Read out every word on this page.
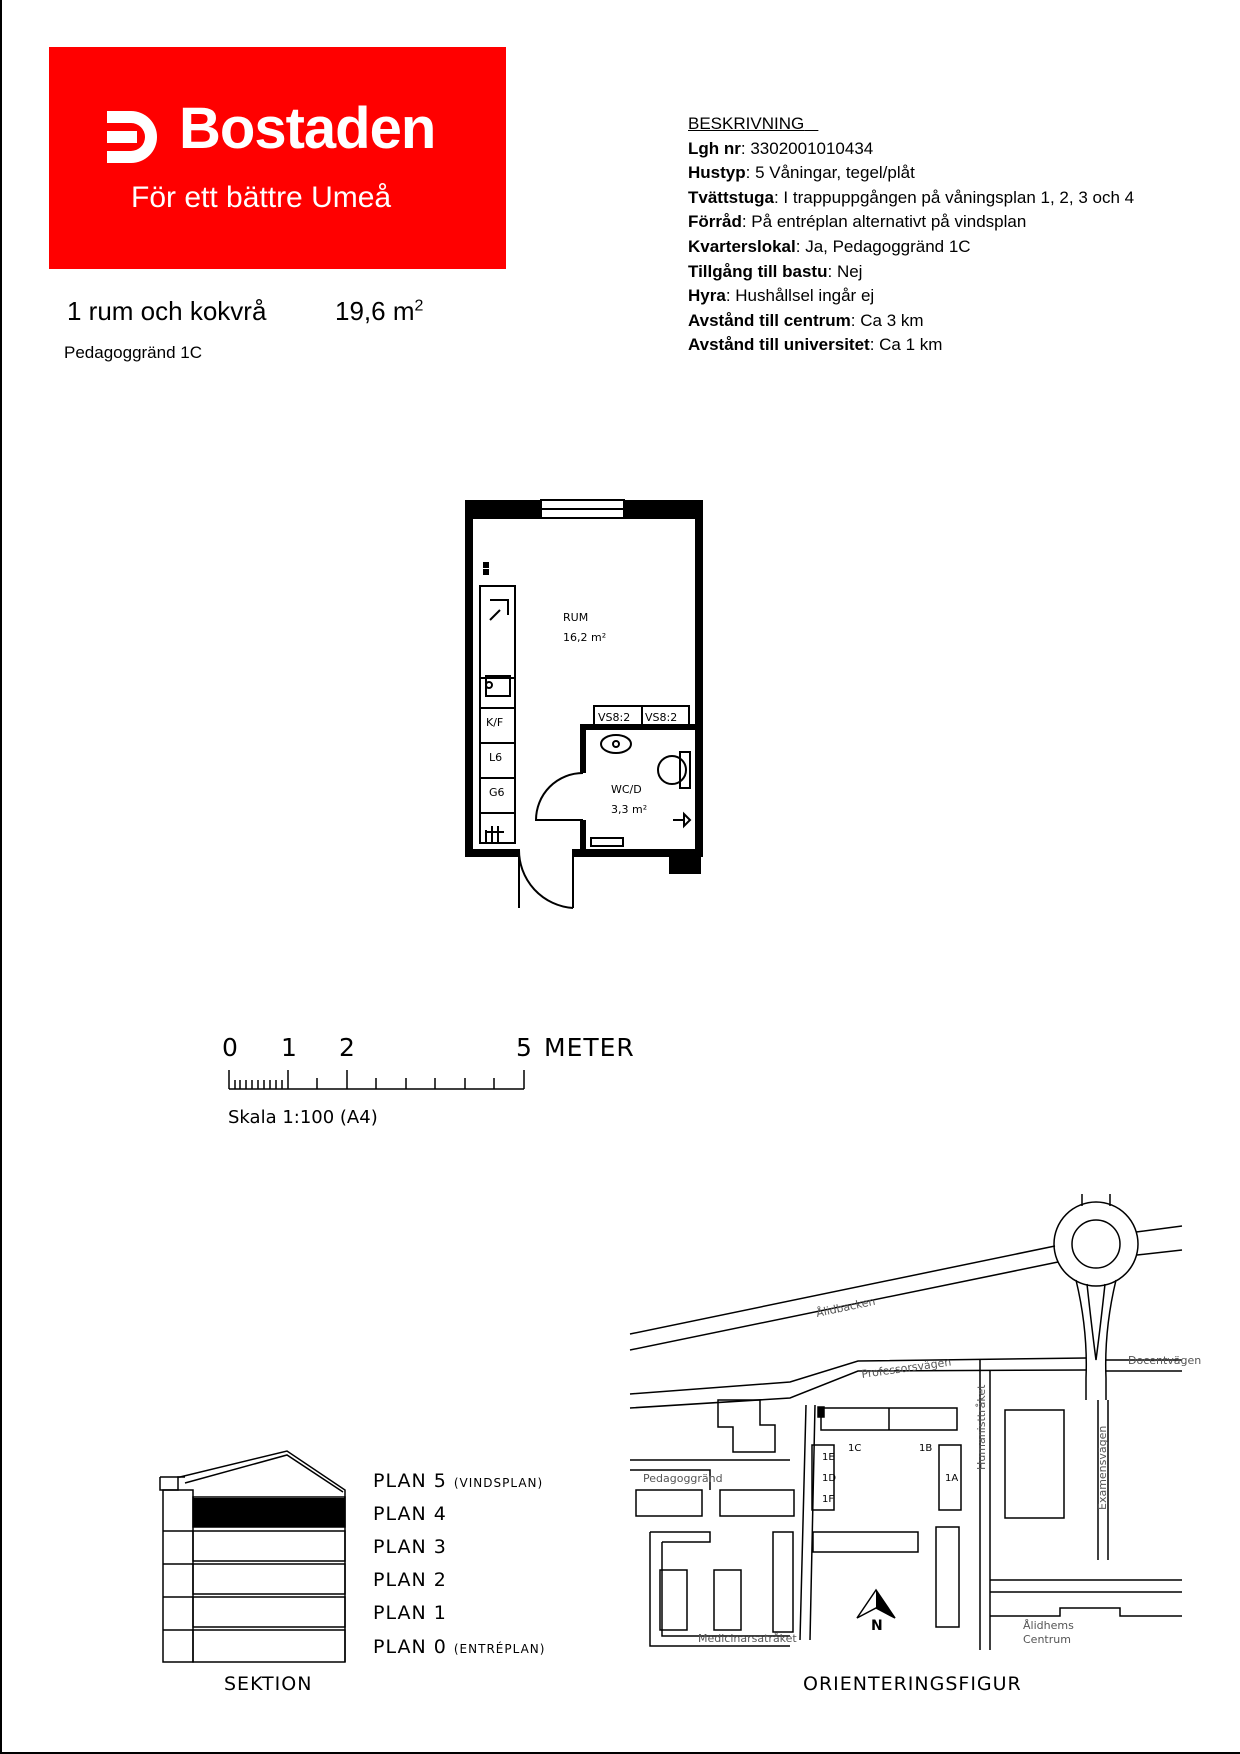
Bostaden
För ett bättre Umeå
1 rum och kokvrå	19,6 $m^2$
Pedagoggränd 1C
BESKRIVNING
Lgh nr: 3302001010434
Hustyp: 5 Våningar, tegel/plåt
Tvättstuga: I trappuppgången på våningsplan 1, 2, 3 och 4
Förråd: På entréplan alternativt på vindsplan
Kvarterslokal: Ja, Pedagoggränd 1C
Tillgång till bastu: Nej
Hyra: Hushållsel ingår ej
Avstånd till centrum: Ca 3 km
Avstånd till universitet: Ca 1 km
RUM
16,2 m²
WC/D
3,3 m²
VS8:2 VS8:2
K/F
L6
G6
0 1 2	5 METER
Skala 1:100 (A4)
PLAN 5 (VINDSPLAN)
PLAN 4
PLAN 3
PLAN 2
PLAN 1
PLAN 0 (ENTRÉPLAN)
SEKTION
Ålidbacken
Professorsvägen	Docentvägen
Pedagoggränd
Humanisttråket	Examensvägen
Medicinarsatråket
1C	1B
1E
1D
1F
1A
Ålidhems
Centrum
N
ORIENTERINGSFIGUR
